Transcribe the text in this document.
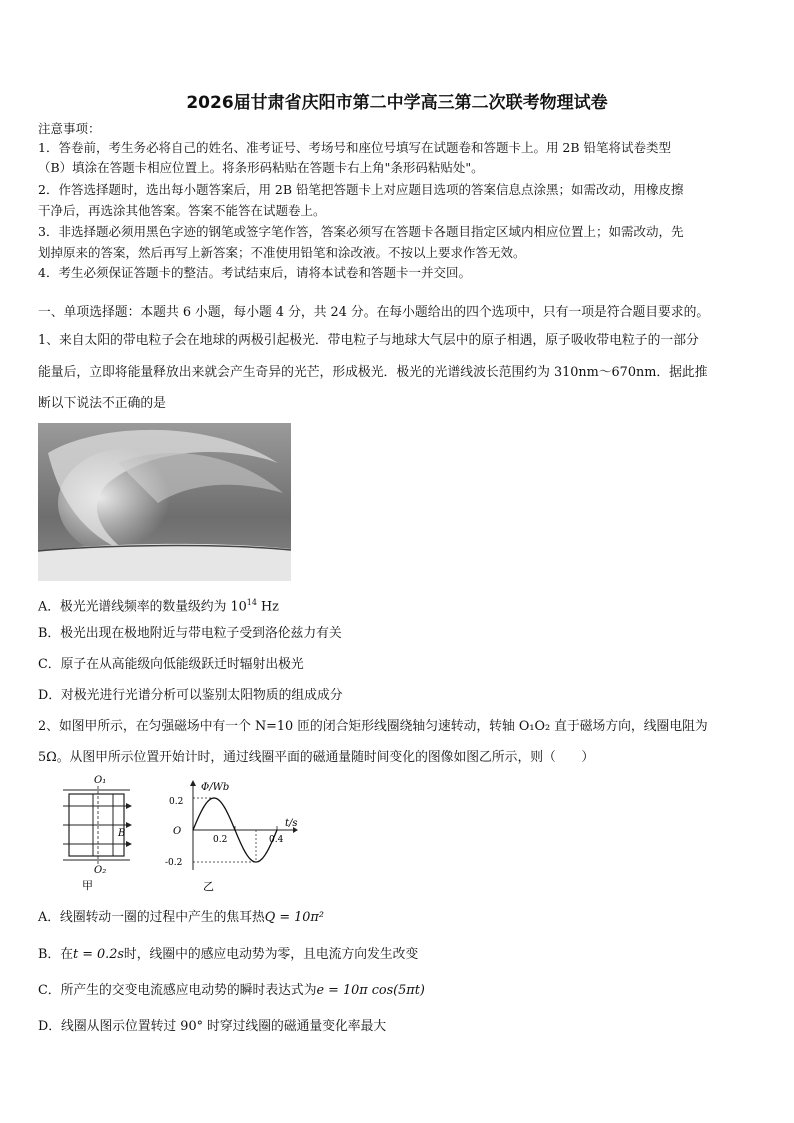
2026届甘肃省庆阳市第二中学高三第二次联考物理试卷
注意事项：
1．答卷前，考生务必将自己的姓名、准考证号、考场号和座位号填写在试题卷和答题卡上。用 2B 铅笔将试卷类型
（B）填涂在答题卡相应位置上。将条形码粘贴在答题卡右上角"条形码粘贴处"。
2．作答选择题时，选出每小题答案后，用 2B 铅笔把答题卡上对应题目选项的答案信息点涂黑；如需改动，用橡皮擦
干净后，再选涂其他答案。答案不能答在试题卷上。
3．非选择题必须用黑色字迹的钢笔或签字笔作答，答案必须写在答题卡各题目指定区域内相应位置上；如需改动，先
划掉原来的答案，然后再写上新答案；不准使用铅笔和涂改液。不按以上要求作答无效。
4．考生必须保证答题卡的整洁。考试结束后，请将本试卷和答题卡一并交回。
一、单项选择题：本题共 6 小题，每小题 4 分，共 24 分。在每小题给出的四个选项中，只有一项是符合题目要求的。
1、来自太阳的带电粒子会在地球的两极引起极光．带电粒子与地球大气层中的原子相遇，原子吸收带电粒子的一部分
能量后，立即将能量释放出来就会产生奇异的光芒，形成极光．极光的光谱线波长范围约为 310nm～670nm．据此推
断以下说法不正确的是
A．极光光谱线频率的数量级约为 $10^{14}$ Hz
B．极光出现在极地附近与带电粒子受到洛伦兹力有关
C．原子在从高能级向低能级跃迁时辐射出极光
D．对极光进行光谱分析可以鉴别太阳物质的组成成分
2、如图甲所示，在匀强磁场中有一个 N=10 匝的闭合矩形线圈绕轴匀速转动，转轴 O₁O₂ 直于磁场方向，线圈电阻为
5Ω。从图甲所示位置开始计时，通过线圈平面的磁通量随时间变化的图像如图乙所示，则（　　）
O₁
B
O₂
甲
Φ/Wb
t/s
O
0.2
-0.2
0.2	0.4
乙
A．线圈转动一圈的过程中产生的焦耳热Q = 10π²
B．在t = 0.2s时，线圈中的感应电动势为零，且电流方向发生改变
C．所产生的交变电流感应电动势的瞬时表达式为e = 10π cos(5πt)
D．线圈从图示位置转过 90° 时穿过线圈的磁通量变化率最大
